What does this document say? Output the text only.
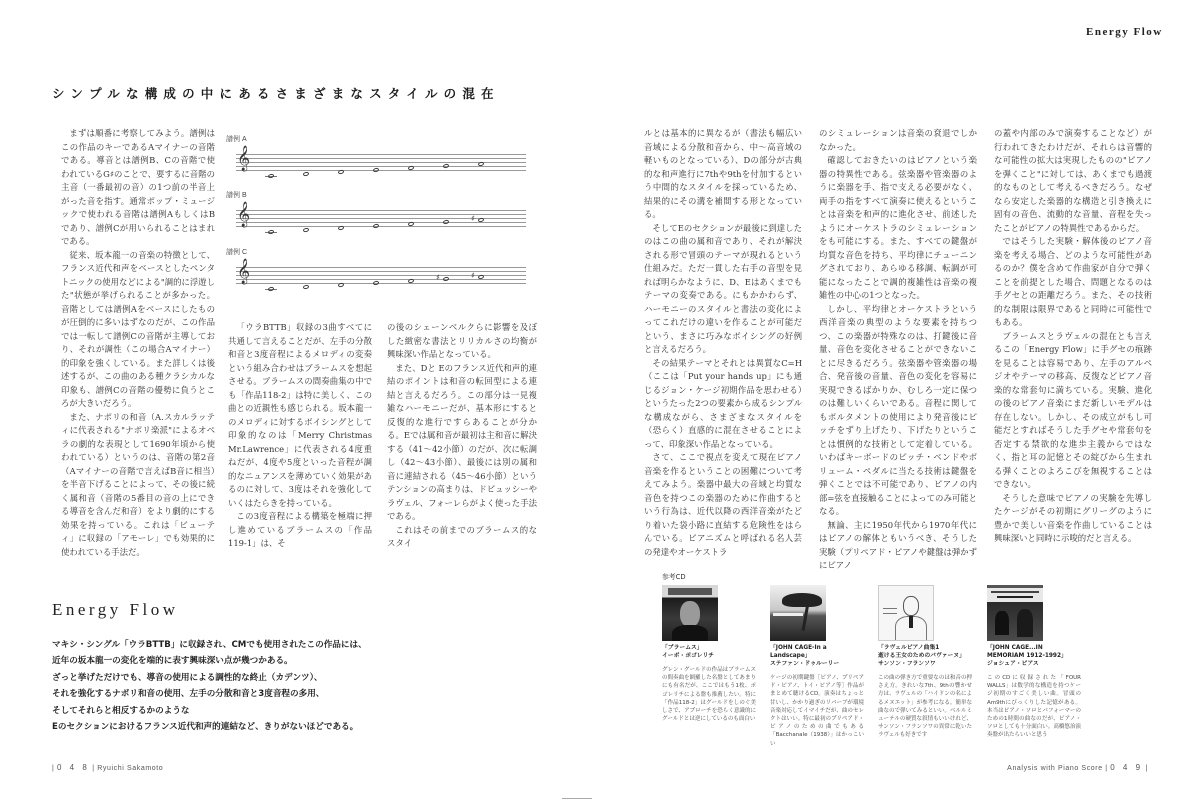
Energy Flow
シンプルな構成の中にあるさまざまなスタイルの混在

まずは順番に考察してみよう。譜例はこの作品のキーであるAマイナーの音階である。導音とは譜例B、Cの音階で使われているG♯のことで、要するに音階の主音（一番最初の音）の1つ前の半音上がった音を指す。通常ポップ・ミュージックで使われる音階は譜例AもしくはBであり、譜例Cが用いられることはまれである。

従来、坂本龍一の音楽の特徴として、フランス近代和声をベースとしたペンタトニックの使用などによる"調的に浮遊した"状態が挙げられることが多かった。音階としては譜例Aをベースにしたものが圧倒的に多いはずなのだが、この作品では一転して譜例Cの音階が主導しており、それが調性（この場合Aマイナー）的印象を強くしている。また詳しくは後述するが、この曲のある種クラシカルな印象も、譜例Cの音階の優勢に負うところが大きいだろう。

また、ナポリの和音（A.スカルラッティに代表される"ナポリ楽派"によるオペラの劇的な表現として1690年頃から使われている）というのは、音階の第2音（Aマイナーの音階で言えばB音に相当）を半音下げることによって、その後に続く属和音（音階の5番目の音の上にできる導音を含んだ和音）をより劇的にする効果を持っている。これは「ビューティ」に収録の「アモーレ」でも効果的に使われている手法だ。

譜例 A
𝄞
譜例 B
𝄞	♯
譜例 C
𝄞	♯	♯

「ウラBTTB」収録の3曲すべてに共通して言えることだが、左手の分散和音と3度音程によるメロディの変奏という組み合わせはブラームスを想起させる。ブラームスの間奏曲集の中でも「作品118-2」は特に美しく、この曲との近親性も感じられる。坂本龍一のメロディに対するボイシングとして印象的なのは「Merry Christmas Mr.Lawrence」に代表される4度重ねだが、4度や5度といった音程が調的なニュアンスを薄めていく効果があるのに対して、3度はそれを強化していくはたらきを持っている。

この3度音程による構築を極端に押し進めているブラームスの「作品119-1」は、そ

の後のシェーンベルクらに影響を及ぼした緻密な書法とリリカルさの均衡が興味深い作品となっている。

また、Dと Eのフランス近代和声的連結のポイントは和音の転回型による連結と言えるだろう。この部分は一見複雑なハーモニーだが、基本形にすると反復的な進行ですらあることが分かる。Eでは属和音が最初は主和音に解決する（41〜42小節）のだが、次に転調し（42〜43小節）、最後には別の属和音に連結される（45〜46小節）というテンションの高まりは、ドビュッシーやラヴェル、フォーレらがよく使った手法である。

これはその前までのブラームス的なスタイ

ルとは基本的に異なるが（書法も幅広い音域による分散和音から、中〜高音域の軽いものとなっている）、Dの部分が古典的な和声進行に7thや9thを付加するという中間的なスタイルを採っているため、結果的にその溝を補間する形となっている。

そしてEのセクションが最後に到達したのはこの曲の属和音であり、それが解決される形で冒頭のテーマが現れるという仕組みだ。ただ一貫した右手の音型を見れば明らかなように、D、Eはあくまでもテーマの変奏である。にもかかわらず、ハーモニーのスタイルと書法の変化によってこれだけの違いを作ることが可能だという、まさに巧みなボイシングの好例と言えるだろう。

その結果テーマとそれとは異質なC=H（ここは「Put your hands up」にも通じるジョン・ケージ初期作品を思わせる）というたった2つの要素から成るシンプルな構成ながら、さまざまなスタイルを（恐らく）直感的に混在させることによって、印象深い作品となっている。

さて、ここで視点を変えて現在ピアノ音楽を作るということの困難について考えてみよう。楽器中最大の音域と均質な音色を持つこの楽器のために作曲するという行為は、近代以降の西洋音楽がたどり着いた袋小路に直結する危険性をはらんでいる。ピアニズムと呼ばれる名人芸の発達やオーケストラ

のシミュレーションは音楽の袞退でしかなかった。

確認しておきたいのはピアノという楽器の特異性である。弦楽器や管楽器のように楽器を手、指で支える必要がなく、両手の指をすべて演奏に使えるということは音楽を和声的に進化させ、前述したようにオーケストラのシミュレーションをも可能にする。また、すべての鍵盤が均質な音色を持ち、平均律にチューニングされており、あらゆる移調、転調が可能になったことで調的複雑性は音楽の複雑性の中心の1つとなった。

しかし、平均律とオーケストラという西洋音楽の典型のような要素を持ちつつ、この楽器が特殊なのは、打鍵後に音量、音色を変化させることができないことに尽きるだろう。弦楽器や管楽器の場合、発音後の音量、音色の変化を容易に実現できるばかりか、むしろ一定に保つのは難しいくらいである。音程に関してもポルタメントの使用により発音後にピッチをずり上げたり、下げたりということは慣例的な技術として定着している。いわばキーボードのピッチ・ベンドやボリューム・ペダルに当たる技術は鍵盤を弾くことでは不可能であり、ピアノの内部=弦を直接触ることによってのみ可能となる。

無論、主に1950年代から1970年代にはピアノの解体ともいうべき、そうした実験（プリペアド・ピアノや鍵盤は弾かずにピアノ

の蓋や内部のみで演奏することなど）が行われてきたわけだが、それらは音響的な可能性の拡大は実現したものの"ピアノを弾くこと"に対しては、あくまでも過渡的なものとして考えるべきだろう。なぜなら安定した楽器的な構造と引き換えに固有の音色、流動的な音量、音程を失ったことがピアノの特異性であるからだ。

ではそうした実験・解体後のピアノ音楽を考える場合、どのような可能性があるのか？僕を含めて作曲家が自分で弾くことを前提とした場合、問題となるのは手グセとの距離だろう。また、その技術的な制限は限界であると同時に可能性でもある。

ブラームスとラヴェルの混在とも言えるこの「Energy Flow」に手グセの痕跡を見ることは容易であり、左手のアルペジオやテーマの移高、反復などピアノ音楽的な常套句に満ちている。実験、進化の後のピアノ音楽にまだ新しいモデルは存在しない。しかし、その成立がもし可能だとすればそうした手グセや常套句を否定する禁欲的な進歩主義からではなく、指と耳の記憶とその綻びから生まれる弾くことのよろこびを無視することはできない。

そうした意味でピアノの実験を先導したケージがその初期にグリーグのように豊かで美しい音楽を作曲していることは興味深いと同時に示唆的だと言える。

Energy Flow
マキシ・シングル「ウラBTTB」に収録され、CMでも使用されたこの作品には、
近年の坂本龍一の変化を端的に表す興味深い点が幾つかある。
ざっと挙げただけでも、導音の使用による調性的な終止（カデンツ）、
それを強化するナポリ和音の使用、左手の分散和音と3度音程の多用、
そしてそれらと相反するかのような
Eのセクションにおけるフランス近代和声的連結など、きりがないほどである。
参考CD
「ブラームス」
イーボ・ポゴレリチ
グレン・グールドの作品はブラームスの間奏曲を網羅した名盤としてあまりにも有名だが、ここではもう1枚、ポゴレリチによる盤も推薦したい。特に「作品118-2」はグールドをしのぐ美しさで、アプローチを恐らく意識的にグールドとは逆にしているのも面白い
「JOHN CAGE-In a Landscape」
ステファン・ドゥルーリー
ケージの初期鍵盤［ピアノ、プリペアド・ピアノ、トイ・ピアノ等］作品がまとめて聴けるCD。演奏はちょっと甘いし、かかり過ぎのリバーブが環境音楽対応してイマイチだが、曲のセレクトはいい。特に最初のプリペアド・ピアノのための曲でもある「Bacchanale（1938）」はかっこいい
「ラヴェルピアノ曲集1
逝ける王女のためのパヴァーヌ」
サンソン・フランソワ
この曲の弾き方で重要なのは和音の押さえ方。きれいな7th、9thの響かせ方は、ラヴェルの「ハイドンの名によるメヌエット」が参考になる。簡単な曲なので弾いてみるといい。ベルルミューテルの硬質な叙情もいいけれど、サンソン・フランソワの異常に乾いたラヴェルも好きです
「JOHN CAGE...IN
MEMORIAM 1912-1992」
ジョシュア・ピアス
このCDに収録された「FOUR WALLS」は数学的な構造を持つケージ初期のすごく美しい曲。冒頭のAm9thにびっくりした記憶がある。本当はピアノ・ソロとパフォーマーのための1時間の曲なのだが、ピアノ・ソロとしても十分面白い。高橋悠治演奏盤が出たらいいと思う
| 0 4 8 | Ryuichi Sakamoto	Analysis with Piano Score | 0 4 9 |
